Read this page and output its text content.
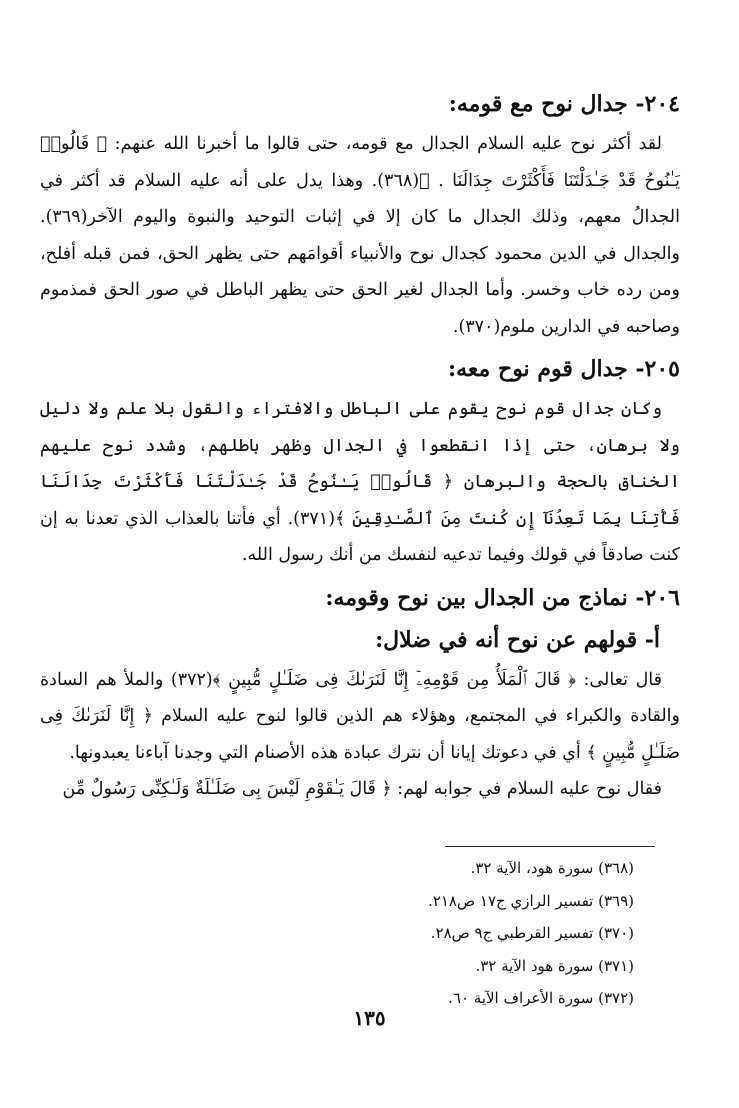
٢٠٤- جدال نوح مع قومه:

لقد أكثر نوح عليه السلام الجدال مع قومه، حتى قالوا ما أخبرنا الله عنهم: ﴿ قَالُوا۟ يَـٰنُوحُ قَدْ جَـٰدَلْتَنَا فَأَكْثَرْتَ جِدَالَنَا . ﴾(٣٦٨). وهذا يدل على أنه عليه السلام قد أكثر في الجدالُ معهم، وذلك الجدال ما كان إلا في إثبات التوحيد والنبوة واليوم الآخر(٣٦٩). والجدال في الدين محمود كجدال نوح والأنبياء أقوامَهم حتى يظهر الحق، فمن قبله أفلح، ومن رده خاب وخسر. وأما الجدال لغير الحق حتى يظهر الباطل في صور الحق فمذموم وصاحبه في الدارين ملوم(٣٧٠).

٢٠٥- جدال قوم نوح معه:

وكان جدال قوم نوح يقوم على الباطل والافتراء والقول بلا علم ولا دليل ولا برهان، حتى إذا انقطعوا في الجدال وظهر باطلهم، وشدد نوح عليهم الخناق بالحجة والبرهان ﴿ قَالُوا۟ يَـٰنُوحُ قَدْ جَـٰدَلْتَنَا فَأَكْثَرْتَ جِدَالَنَا فَأْتِنَا بِمَا تَعِدُنَآ إِن كُنتَ مِنَ ٱلصَّـٰدِقِينَ ﴾(٣٧١). أي فأتنا بالعذاب الذي تعدنا به إن كنت صادقاً في قولك وفيما تدعيه لنفسك من أنك رسول الله.

٢٠٦- نماذج من الجدال بين نوح وقومه:
أ- قولهم عن نوح أنه في ضلال:

قال تعالى: ﴿ قَالَ ٱلْمَلَأُ مِن قَوْمِهِۦٓ إِنَّا لَنَرَىٰكَ فِى ضَلَـٰلٍ مُّبِينٍ ﴾(٣٧٢) والملأ هم السادة والقادة والكبراء في المجتمع، وهؤلاء هم الذين قالوا لنوح عليه السلام ﴿ إِنَّا لَنَرَىٰكَ فِى ضَلَـٰلٍ مُّبِينٍ ﴾ أي في دعوتك إيانا أن نترك عبادة هذه الأصنام التي وجدنا آباءنا يعبدونها.

فقال نوح عليه السلام في جوابه لهم: ﴿ قَالَ يَـٰقَوْمِ لَيْسَ بِى ضَلَـٰلَةٌ وَلَـٰكِنِّى رَسُولٌ مِّن

(٣٦٨) سورة هود، الآية ٣٢.
(٣٦٩) تفسير الرازي ج١٧ ص٢١٨.
(٣٧٠) تفسير القرطبي ج٩ ص٢٨.
(٣٧١) سورة هود الآية ٣٢.
(٣٧٢) سورة الأعراف الآية ٦٠.
١٣٥
